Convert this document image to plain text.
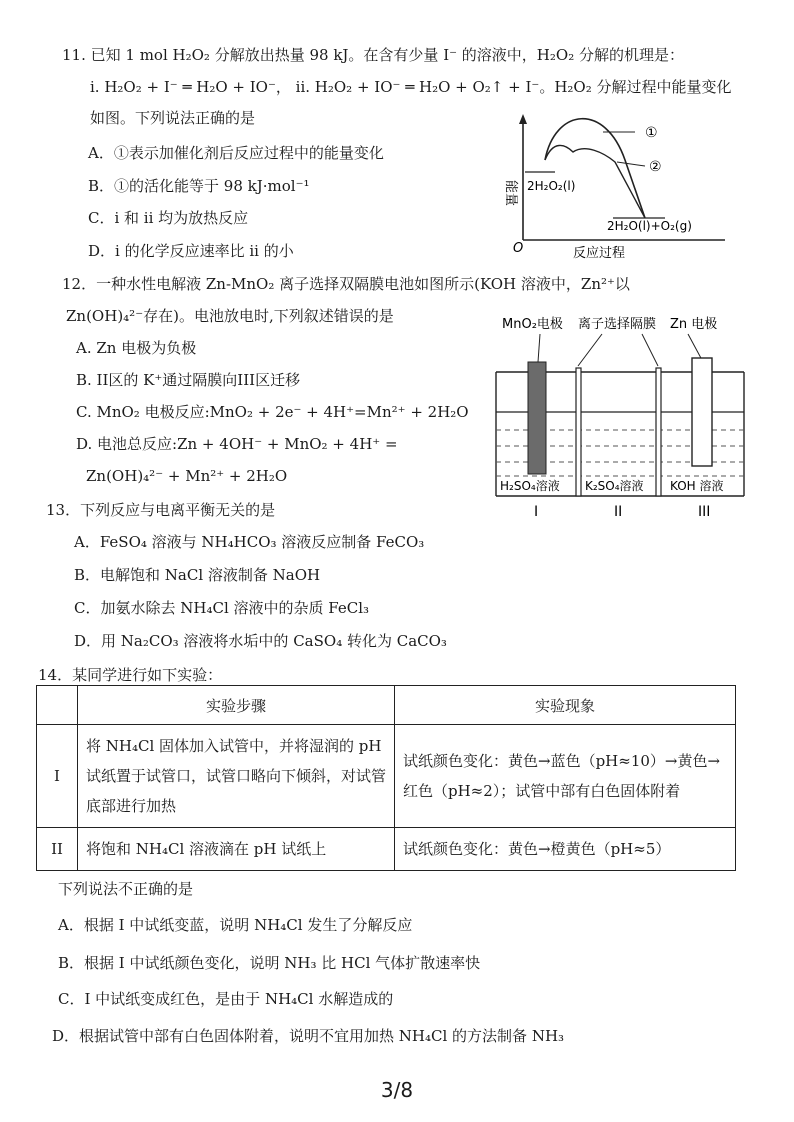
11. 已知 1 mol H₂O₂ 分解放出热量 98 kJ。在含有少量 I⁻ 的溶液中，H₂O₂ 分解的机理是：
i. H₂O₂ + I⁻ ═ H₂O + IO⁻， ii. H₂O₂ + IO⁻ ═ H₂O + O₂↑ + I⁻。H₂O₂ 分解过程中能量变化
如图。下列说法正确的是
A．①表示加催化剂后反应过程中的能量变化
B．①的活化能等于 98 kJ·mol⁻¹
C．i 和 ii 均为放热反应
D．i 的化学反应速率比 ii 的小
①
②
2H₂O₂(l)
2H₂O(l)+O₂(g)
能量
O	反应过程
12．一种水性电解液 Zn-MnO₂ 离子选择双隔膜电池如图所示(KOH 溶液中，Zn²⁺以
Zn(OH)₄²⁻存在)。电池放电时,下列叙述错误的是
A. Zn 电极为负极
B. II区的 K⁺通过隔膜向III区迁移
C. MnO₂ 电极反应:MnO₂ + 2e⁻ + 4H⁺=Mn²⁺ + 2H₂O
D. 电池总反应:Zn + 4OH⁻ + MnO₂ + 4H⁺ =
Zn(OH)₄²⁻ + Mn²⁺ + 2H₂O
MnO₂电极 离子选择隔膜 Zn 电极
H₂SO₄溶液 K₂SO₄溶液 KOH 溶液
I	II	III
13．下列反应与电离平衡无关的是
A．FeSO₄ 溶液与 NH₄HCO₃ 溶液反应制备 FeCO₃
B．电解饱和 NaCl 溶液制备 NaOH
C．加氨水除去 NH₄Cl 溶液中的杂质 FeCl₃
D．用 Na₂CO₃ 溶液将水垢中的 CaSO₄ 转化为 CaCO₃
14．某同学进行如下实验：
	实验步骤	实验现象
I	将 NH₄Cl 固体加入试管中，并将湿润的 pH 试纸置于试管口，试管口略向下倾斜，对试管底部进行加热	试纸颜色变化：黄色→蓝色（pH≈10）→黄色→红色（pH≈2）；试管中部有白色固体附着
II	将饱和 NH₄Cl 溶液滴在 pH 试纸上	试纸颜色变化：黄色→橙黄色（pH≈5）
下列说法不正确的是
A．根据 I 中试纸变蓝，说明 NH₄Cl 发生了分解反应
B．根据 I 中试纸颜色变化，说明 NH₃ 比 HCl 气体扩散速率快
C．I 中试纸变成红色，是由于 NH₄Cl 水解造成的
D．根据试管中部有白色固体附着，说明不宜用加热 NH₄Cl 的方法制备 NH₃
3/8
